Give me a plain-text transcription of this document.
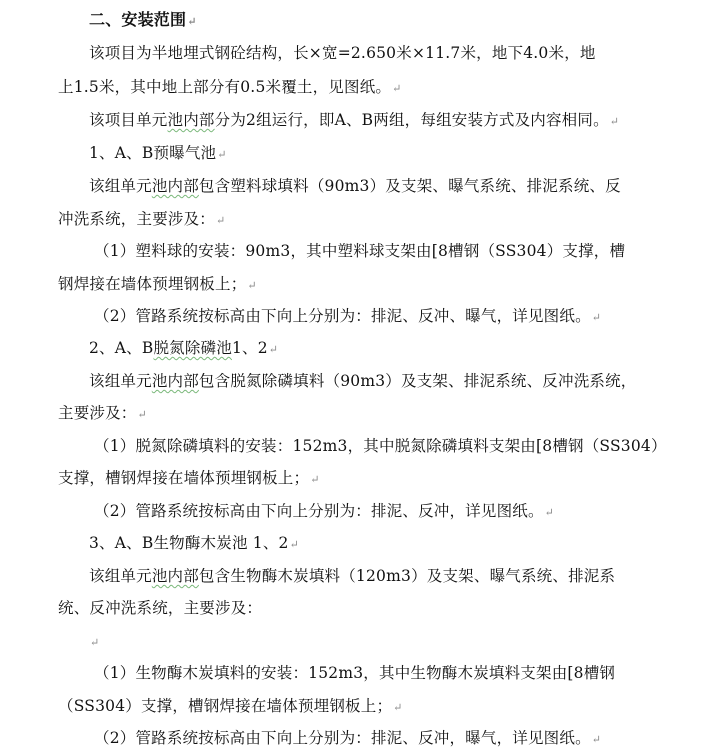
二、安装范围↵
该项目为半地埋式钢砼结构，长×宽=2.650米×11.7米，地下4.0米，地
上1.5米，其中地上部分有0.5米覆土，见图纸。↵
该项目单元池内部分为2组运行，即A、B两组，每组安装方式及内容相同。↵
1、A、B预曝气池↵
该组单元池内部包含塑料球填料（90m3）及支架、曝气系统、排泥系统、反
冲洗系统，主要涉及：↵
（1）塑料球的安装：90m3，其中塑料球支架由[8槽钢（SS304）支撑，槽
钢焊接在墙体预埋钢板上；↵
（2）管路系统按标高由下向上分别为：排泥、反冲、曝气，详见图纸。↵
2、A、B脱氮除磷池1、2↵
该组单元池内部包含脱氮除磷填料（90m3）及支架、排泥系统、反冲洗系统，
主要涉及：↵
（1）脱氮除磷填料的安装：152m3，其中脱氮除磷填料支架由[8槽钢（SS304）
支撑，槽钢焊接在墙体预埋钢板上；↵
（2）管路系统按标高由下向上分别为：排泥、反冲，详见图纸。↵
3、A、B生物酶木炭池 1、2↵
该组单元池内部包含生物酶木炭填料（120m3）及支架、曝气系统、排泥系
统、反冲洗系统，主要涉及：
↵
（1）生物酶木炭填料的安装：152m3，其中生物酶木炭填料支架由[8槽钢
（SS304）支撑，槽钢焊接在墙体预埋钢板上；↵
（2）管路系统按标高由下向上分别为：排泥、反冲，曝气，详见图纸。↵
